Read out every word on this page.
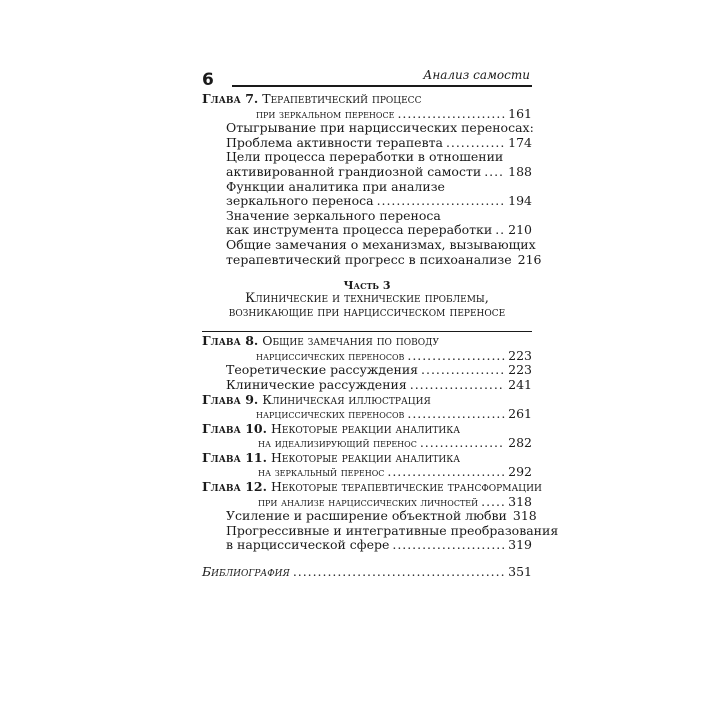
6	Анализ самости
Глава 7. Терапевтический процесс
при зеркальном переносе . . .	161
Отыгрывание при нарциссических переносах:
Проблема активности терапевта . . .	174
Цели процесса переработки в отношении
активированной грандиозной самости . . . 188
Функции аналитика при анализе
зеркального переноса . . .	194
Значение зеркального переноса
как инструмента процесса переработки . . . 210
Общие замечания о механизмах, вызывающих
терапевтический прогресс в психоанализе 216
Часть 3
Клинические и технические проблемы,
возникающие при нарциссическом переносе
Глава 8. Общие замечания по поводу
нарциссических переносов . . .	223
Теоретические рассуждения . . .	223
Клинические рассуждения . . .	241
Глава 9. Клиническая иллюстрация
нарциссических переносов . . .	261
Глава 10. Некоторые реакции аналитика
на идеализирующий перенос . . .	282
Глава 11. Некоторые реакции аналитика
на зеркальный перенос . . .	292
Глава 12. Некоторые терапевтические трансформации
при анализе нарциссических личностей . . . 318
Усиление и расширение объектной любви 318
Прогрессивные и интегративные преобразования
в нарциссической сфере . . .	319
Библиография . . .	351
